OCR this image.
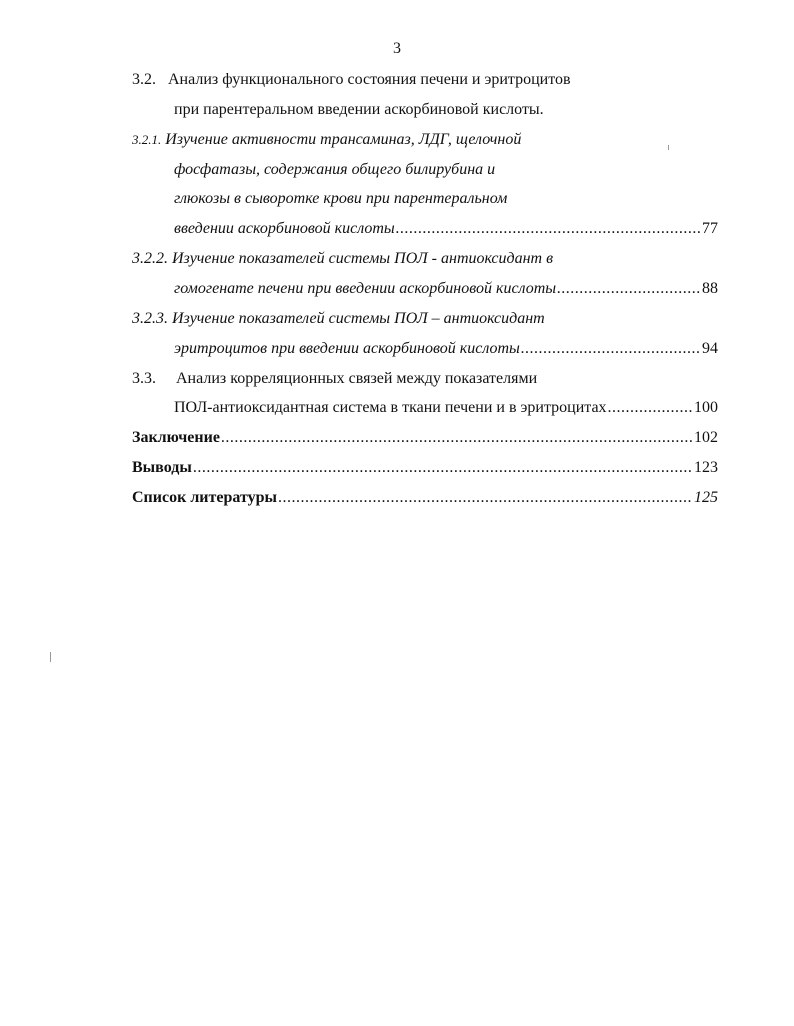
3
3.2. Анализ функционального состояния печени и эритроцитов
при парентеральном введении аскорбиновой кислоты.
3.2.1. Изучение активности трансаминаз, ЛДГ, щелочной
фосфатазы, содержания общего билирубина и
глюкозы в сыворотке крови при парентеральном
введении аскорбиновой кислоты .....	77
3.2.2. Изучение показателей системы ПОЛ - антиоксидант в
гомогенате печени при введении аскорбиновой кислоты .....	88
3.2.3. Изучение показателей системы ПОЛ – антиоксидант
эритроцитов при введении аскорбиновой кислоты .....	94
3.3. Анализ корреляционных связей между показателями
ПОЛ-антиоксидантная система в ткани печени и в эритроцитах .....	100
Заключение .....	102
Выводы .....	123
Список литературы .....	125
